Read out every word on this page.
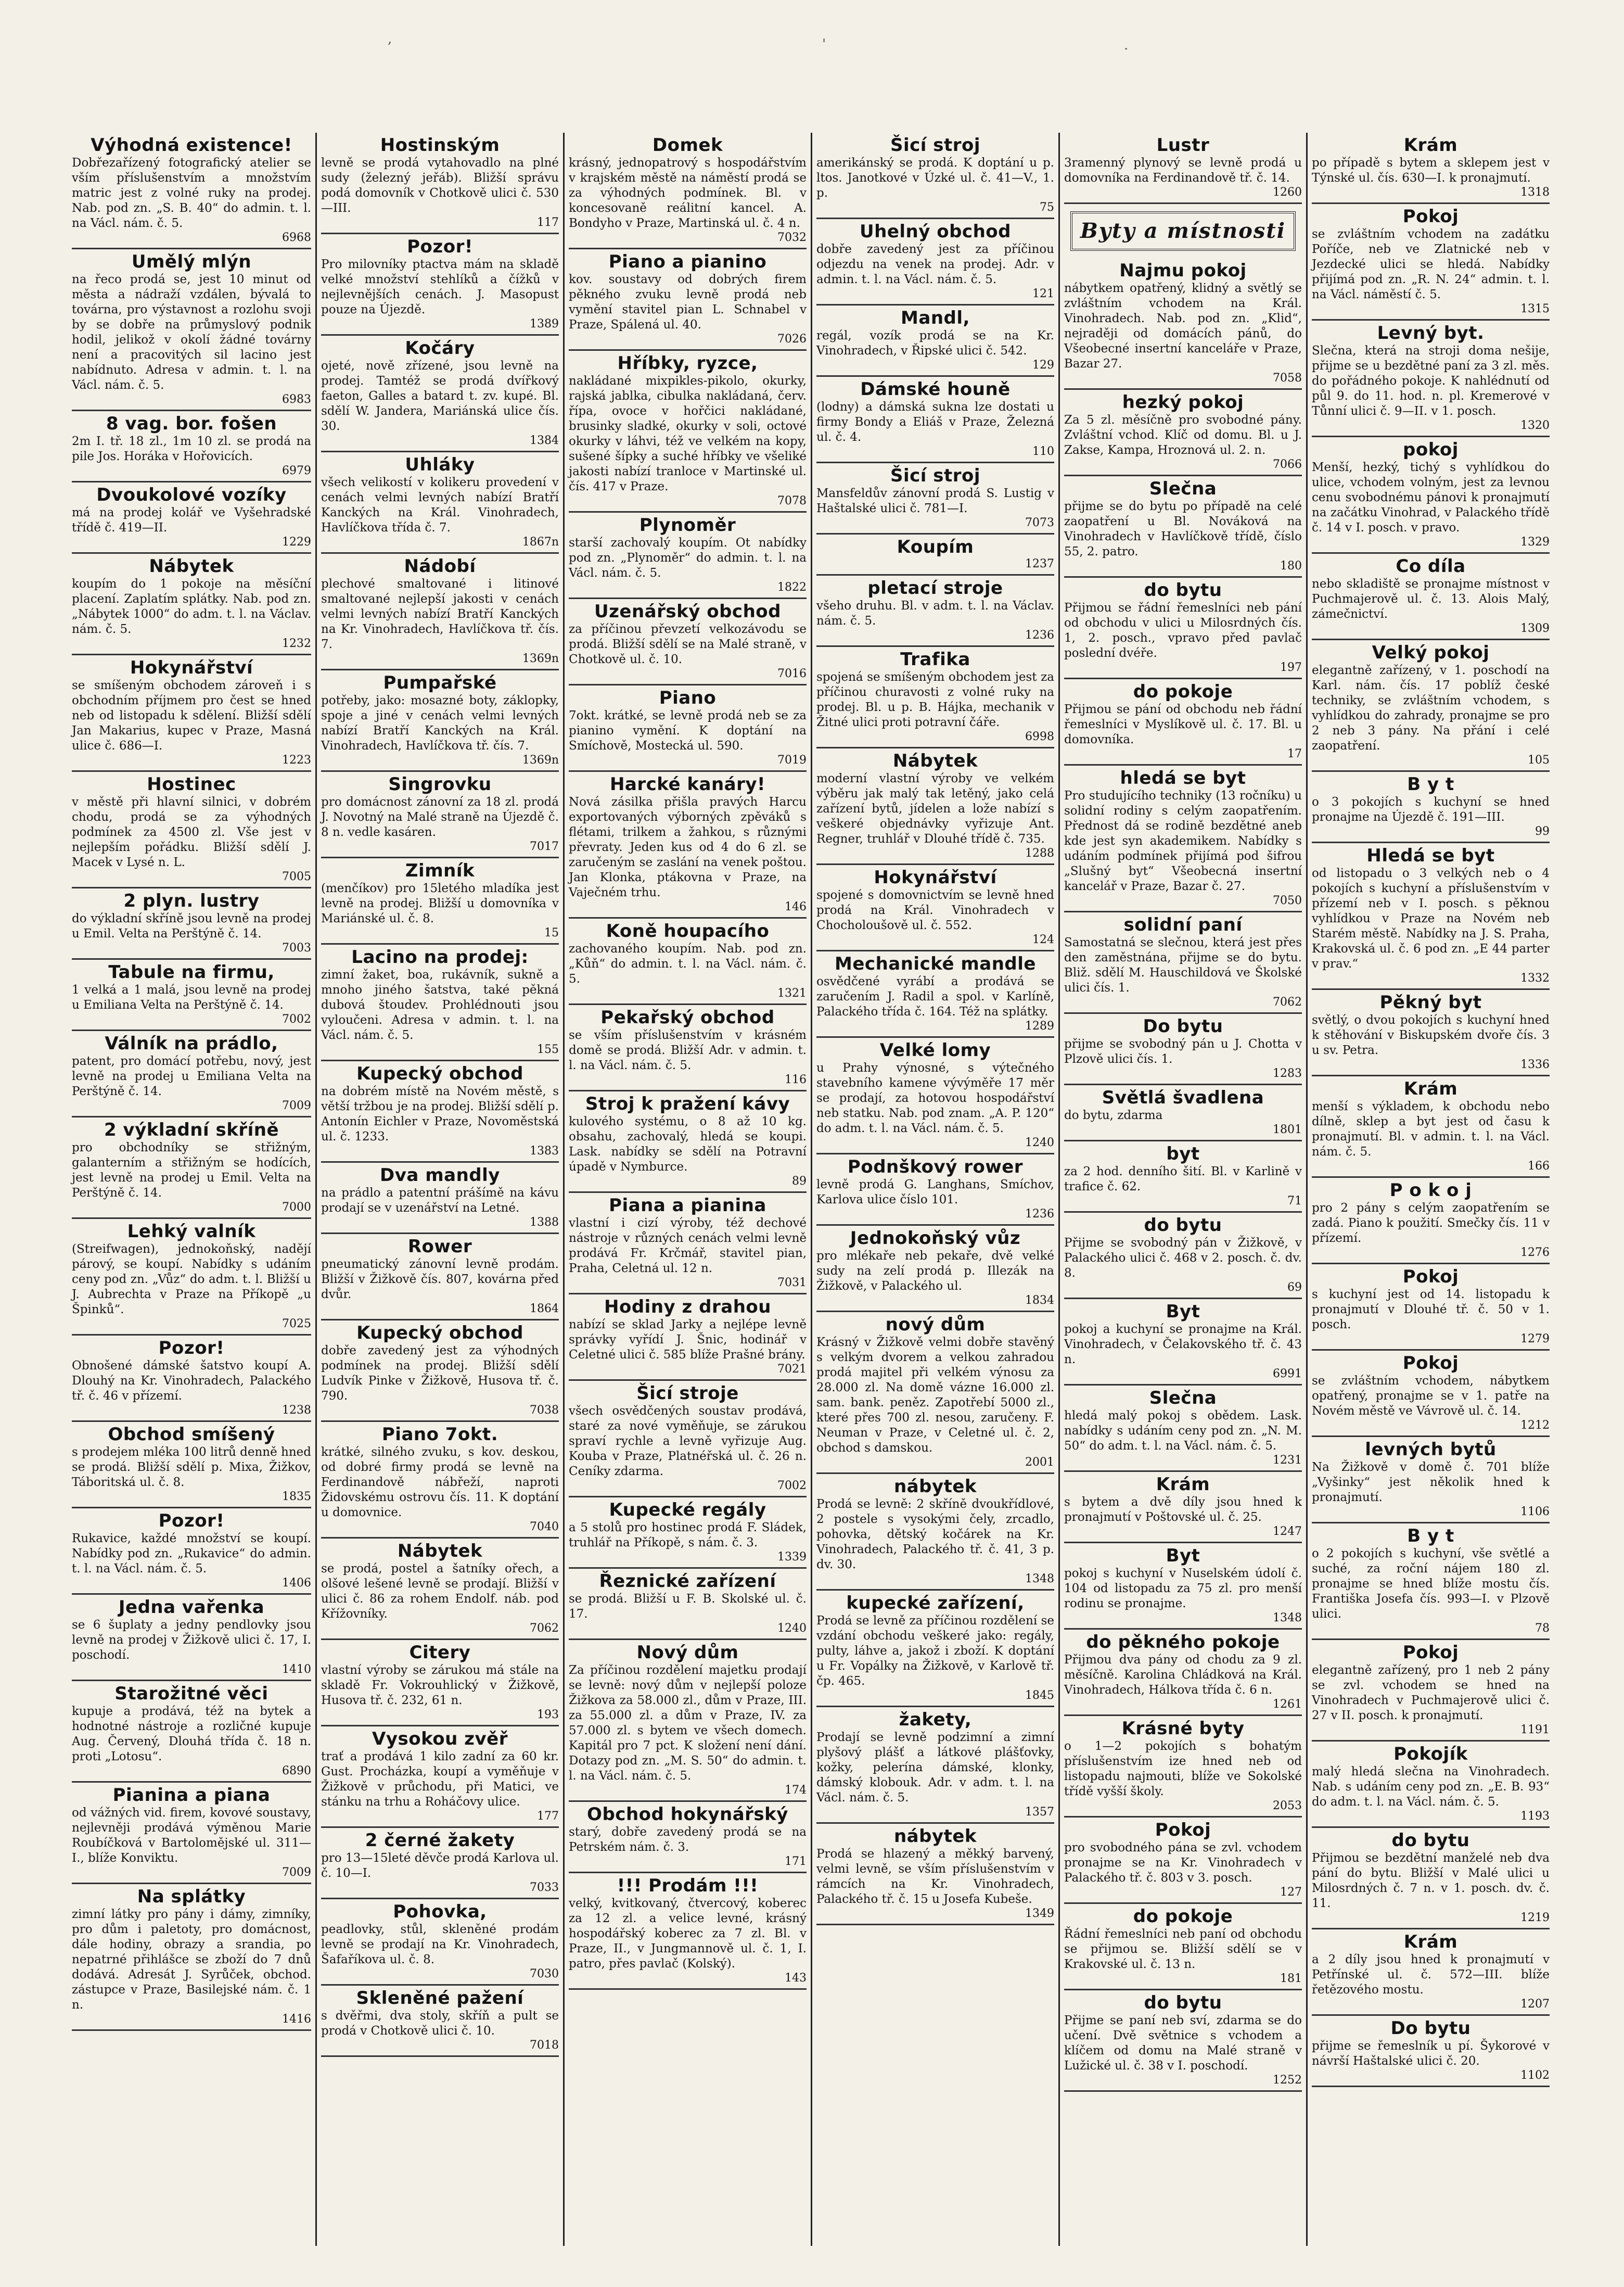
,	'	·
Výhodná existence!

Dobřezařízený fotografický atelier se vším příslušenstvím a množstvím matric jest z volné ruky na prodej. Nab. pod zn. „S. B. 40“ do admin. t. l. na Václ. nám. č. 5.

6968
Umělý mlýn

na řeco prodá se, jest 10 minut od města a nádraží vzdálen, bývalá to továrna, pro výstavnost a rozlohu svoji by se dobře na průmyslový podnik hodil, jelikož v okolí žádné továrny není a pracovitých sil lacino jest nabídnuto. Adresa v admin. t. l. na Václ. nám. č. 5.

6983
8 vag. bor. fošen

2m I. tř. 18 zl., 1m 10 zl. se prodá na pile Jos. Horáka v Hořovicích.

6979
Dvoukolové vozíky

má na prodej kolář ve Vyšehradské třídě č. 419—II.

1229
Nábytek

koupím do 1 pokoje na měsíční placení. Zaplatím splátky. Nab. pod zn. „Nábytek 1000“ do adm. t. l. na Václav. nám. č. 5.

1232
Hokynářství

se smíšeným obchodem zároveň i s obchodním příjmem pro čest se hned neb od listopadu k sdělení. Bližší sdělí Jan Makarius, kupec v Praze, Masná ulice č. 686—I.

1223
Hostinec

v městě při hlavní silnici, v dobrém chodu, prodá se za výhodných podmínek za 4500 zl. Vše jest v nejlepším pořádku. Bližší sdělí J. Macek v Lysé n. L.

7005
2 plyn. lustry

do výkladní skříně jsou levně na prodej u Emil. Velta na Perštýně č. 14.

7003
Tabule na firmu,

1 velká a 1 malá, jsou levně na prodej u Emiliana Velta na Perštýně č. 14.

7002
Válník na prádlo,

patent, pro domácí potřebu, nový, jest levně na prodej u Emiliana Velta na Perštýně č. 14.

7009
2 výkladní skříně

pro obchodníky se střižným, galanterním a střižným se hodících, jest levně na prodej u Emil. Velta na Perštýně č. 14.

7000
Lehký valník

(Streifwagen), jednokoňský, nadějí párový, se koupí. Nabídky s udáním ceny pod zn. „Vůz“ do adm. t. l. Bližší u J. Aubrechta v Praze na Příkopě „u Špinků“.

7025
Pozor!

Obnošené dámské šatstvo koupí A. Dlouhý na Kr. Vinohradech, Palackého tř. č. 46 v přízemí.

1238
Obchod smíšený

s prodejem mléka 100 litrů denně hned se prodá. Bližší sdělí p. Mixa, Žižkov, Táboritská ul. č. 8.

1835
Pozor!

Rukavice, každé množství se koupí. Nabídky pod zn. „Rukavice“ do admin. t. l. na Václ. nám. č. 5.

1406
Jedna vařenka

se 6 šuplaty a jedny pendlovky jsou levně na prodej v Žižkově ulici č. 17, I. poschodí.

1410
Starožitné věci

kupuje a prodává, též na bytek a hodnotné nástroje a rozličné kupuje Aug. Červený, Dlouhá třída č. 18 n. proti „Lotosu“.

6890
Pianina a piana

od vážných vid. firem, kovové soustavy, nejlevněji prodává výměnou Marie Roubíčková v Bartolomějské ul. 311—I., blíže Konviktu.

7009
Na splátky

zimní látky pro pány i dámy, zimníky, pro dům i paletoty, pro domácnost, dále hodiny, obrazy a srandia, po nepatrné přihlášce se zboží do 7 dnů dodává. Adresát J. Syrůček, obchod. zástupce v Praze, Basilejské nám. č. 1 n.

1416
Hostinským

levně se prodá vytahovadlo na plné sudy (železný jeřáb). Bližší správu podá domovník v Chotkově ulici č. 530—III.

117
Pozor!

Pro milovníky ptactva mám na skladě velké množství stehlíků a čížků v nejlevnějších cenách. J. Masopust pouze na Újezdě.

1389
Kočáry

ojeté, nově zřízené, jsou levně na prodej. Tamtéž se prodá dvířkový faeton, Galles a batard t. zv. kupé. Bl. sdělí W. Jandera, Mariánská ulice čís. 30.

1384
Uhláky

všech velikostí v kolikeru provedení v cenách velmi levných nabízí Bratří Kanckých na Král. Vinohradech, Havlíčkova třída č. 7.

1867n
Nádobí

plechové smaltované i litinové smaltované nejlepší jakosti v cenách velmi levných nabízí Bratří Kanckých na Kr. Vinohradech, Havlíčkova tř. čís. 7.

1369n
Pumpařské

potřeby, jako: mosazné boty, záklopky, spoje a jiné v cenách velmi levných nabízí Bratří Kanckých na Král. Vinohradech, Havlíčkova tř. čís. 7.

1369n
Singrovku

pro domácnost zánovní za 18 zl. prodá J. Novotný na Malé straně na Újezdě č. 8 n. vedle kasáren.

7017
Zimník

(menčíkov) pro 15letého mladíka jest levně na prodej. Bližší u domovníka v Mariánské ul. č. 8.

15
Lacino na prodej:

zimní žaket, boa, rukávník, sukně a mnoho jiného šatstva, také pěkná dubová štoudev. Prohlédnouti jsou vyloučeni. Adresa v admin. t. l. na Václ. nám. č. 5.

155
Kupecký obchod

na dobrém místě na Novém městě, s větší tržbou je na prodej. Bližší sdělí p. Antonín Eichler v Praze, Novoměstská ul. č. 1233.

1383
Dva mandly

na prádlo a patentní prášímě na kávu prodají se v uzenářství na Letné.

1388
Rower

pneumatický zánovní levně prodám. Bližší v Žižkově čís. 807, kovárna před dvůr.

1864
Kupecký obchod

dobře zavedený jest za výhodných podmínek na prodej. Bližší sdělí Ludvík Pinke v Žižkově, Husova tř. č. 790.

7038
Piano 7okt.

krátké, silného zvuku, s kov. deskou, od dobré firmy prodá se levně na Ferdinandově nábřeží, naproti Židovskému ostrovu čís. 11. K doptání u domovnice.

7040
Nábytek

se prodá, postel a šatníky ořech, a olšové lešené levně se prodají. Bližší v ulici č. 86 za rohem Endolf. náb. pod Křížovníky.

7062
Citery

vlastní výroby se zárukou má stále na skladě Fr. Vokrouhlický v Žižkově, Husova tř. č. 232, 61 n.

193
Vysokou zvěř

trať a prodává 1 kilo zadní za 60 kr. Gust. Procházka, koupí a vyměňuje v Žižkově v průchodu, při Matici, ve stánku na trhu a Roháčovy ulice.

177
2 černé žakety

pro 13—15leté děvče prodá Karlova ul. č. 10—I.

7033
Pohovka,

peadlovky, stůl, skleněné prodám levně se prodají na Kr. Vinohradech, Šafaříkova ul. č. 8.

7030
Skleněné pažení

s dvěřmi, dva stoly, skříň a pult se prodá v Chotkově ulici č. 10.

7018
Domek

krásný, jednopatrový s hospodářstvím v krajském městě na náměstí prodá se za výhodných podmínek. Bl. v koncesovaně reálitní kancel. A. Bondyho v Praze, Martinská ul. č. 4 n.

7032
Piano a pianino

kov. soustavy od dobrých firem pěkného zvuku levně prodá neb vymění stavitel pian L. Schnabel v Praze, Spálená ul. 40.

7026
Hříbky, ryzce,

nakládané mixpikles-pikolo, okurky, rajská jablka, cibulka nakládaná, červ. řípa, ovoce v hořčici nakládané, brusinky sladké, okurky v soli, octové okurky v láhvi, též ve velkém na kopy, sušené šípky a suché hříbky ve všeliké jakosti nabízí tranloce v Martinské ul. čís. 417 v Praze.

7078
Plynoměr

starší zachovalý koupím. Ot nabídky pod zn. „Plynoměr“ do admin. t. l. na Václ. nám. č. 5.

1822
Uzenářský obchod

za příčinou převzetí velkozávodu se prodá. Bližší sdělí se na Malé straně, v Chotkově ul. č. 10.

7016
Piano

7okt. krátké, se levně prodá neb se za pianino vymění. K doptání na Smíchově, Mostecká ul. 590.

7019
Harcké kanáry!

Nová zásilka přišla pravých Harcu exportovaných výborných zpěváků s flétami, trilkem a žahkou, s různými převraty. Jeden kus od 4 do 6 zl. se zaručeným se zaslání na venek poštou. Jan Klonka, ptákovna v Praze, na Vaječném trhu.

146
Koně houpacího

zachovaného koupím. Nab. pod zn. „Kůň“ do admin. t. l. na Václ. nám. č. 5.

1321
Pekařský obchod

se vším příslušenstvím v krásném domě se prodá. Bližší Adr. v admin. t. l. na Václ. nám. č. 5.

116
Stroj k pražení kávy

kulového systému, o 8 až 10 kg. obsahu, zachovalý, hledá se koupi. Lask. nabídky se sdělí na Potravní úpadě v Nymburce.

89
Piana a pianina

vlastní i cizí výroby, též dechové nástroje v různých cenách velmi levně prodává Fr. Krčmář, stavitel pian, Praha, Celetná ul. 12 n.

7031
Hodiny z drahou

nabízí se sklad Jarky a nejlépe levně správky vyřídí J. Šnic, hodinář v Celetné ulici č. 585 blíže Prašné brány.

7021
Šicí stroje

všech osvědčených soustav prodává, staré za nové vyměňuje, se zárukou spraví rychle a levně vyřizuje Aug. Kouba v Praze, Platnéřská ul. č. 26 n. Ceníky zdarma.

7002
Kupecké regály

a 5 stolů pro hostinec prodá F. Sládek, truhlář na Příkopě, s nám. č. 3.

1339
Řeznické zařízení

se prodá. Bližší u F. B. Skolské ul. č. 17.

1240
Nový dům

Za příčinou rozdělení majetku prodají se levně: nový dům v nejlepší poloze Žižkova za 58.000 zl., dům v Praze, III. za 55.000 zl. a dům v Praze, IV. za 57.000 zl. s bytem ve všech domech. Kapitál pro 7 pct. K složení není dání. Dotazy pod zn. „M. S. 50“ do admin. t. l. na Václ. nám. č. 5.

174
Obchod hokynářský

starý, dobře zavedený prodá se na Petrském nám. č. 3.

171
!!! Prodám !!!

velký, kvitkovaný, čtvercový, koberec za 12 zl. a velice levné, krásný hospodářský koberec za 7 zl. Bl. v Praze, II., v Jungmannově ul. č. 1, I. patro, přes pavlač (Kolský).

143
Šicí stroj

amerikánský se prodá. K doptání u p. ltos. Janotkové v Úzké ul. č. 41—V., 1. p.

75
Uhelný obchod

dobře zavedený jest za příčinou odjezdu na venek na prodej. Adr. v admin. t. l. na Václ. nám. č. 5.

121
Mandl,

regál, vozík prodá se na Kr. Vinohradech, v Řipské ulici č. 542.

129
Dámské houně

(lodny) a dámská sukna lze dostati u firmy Bondy a Eliáš v Praze, Železná ul. č. 4.

110
Šicí stroj

Mansfeldův zánovní prodá S. Lustig v Haštalské ulici č. 781—I.

7073
Koupím
1237
pletací stroje

všeho druhu. Bl. v adm. t. l. na Václav. nám. č. 5.

1236
Trafika

spojená se smíšeným obchodem jest za příčinou churavosti z volné ruky na prodej. Bl. u p. B. Hájka, mechanik v Žitné ulici proti potravní čáře.

6998
Nábytek

moderní vlastní výroby ve velkém výběru jak malý tak letěný, jako celá zařízení bytů, jídelen a lože nabízí s veškeré objednávky vyřizuje Ant. Regner, truhlář v Dlouhé třídě č. 735.

1288
Hokynářství

spojené s domovnictvím se levně hned prodá na Král. Vinohradech v Chocholoušově ul. č. 552.

124
Mechanické mandle

osvědčené vyrábí a prodává se zaručením J. Radil a spol. v Karlíně, Palackého třída č. 164. Též na splátky.

1289
Velké lomy

u Prahy výnosné, s výtečného stavebního kamene vývýměře 17 měr se prodají, za hotovou hospodářství neb statku. Nab. pod znam. „A. P. 120“ do adm. t. l. na Václ. nám. č. 5.

1240
Podnškový rower

levně prodá G. Langhans, Smíchov, Karlova ulice číslo 101.

1236
Jednokoňský vůz

pro mlékaře neb pekaře, dvě velké sudy na zelí prodá p. Illezák na Žižkově, v Palackého ul.

1834
nový dům

Krásný v Žižkově velmi dobře stavěný s velkým dvorem a velkou zahradou prodá majitel při velkém výnosu za 28.000 zl. Na domě vázne 16.000 zl. sam. bank. peněz. Zapotřebí 5000 zl., které přes 700 zl. nesou, zaručeny. F. Neuman v Praze, v Celetné ul. č. 2, obchod s damskou.

2001
nábytek

Prodá se levně: 2 skříně dvoukřídlové, 2 postele s vysokými čely, zrcadlo, pohovka, dětský kočárek na Kr. Vinohradech, Palackého tř. č. 41, 3 p. dv. 30.

1348
kupecké zařízení,

Prodá se levně za příčinou rozdělení se vzdání obchodu veškeré jako: regály, pulty, láhve a, jakož i zboží. K doptání u Fr. Vopálky na Žižkově, v Karlově tř. čp. 465.

1845
žakety,

Prodají se levně podzimní a zimní plyšový plášť a látkové plášťovky, kožky, pelerína dámské, klonky, dámský klobouk. Adr. v adm. t. l. na Václ. nám. č. 5.

1357
nábytek

Prodá se hlazený a měkký barvený, velmi levně, se vším příslušenstvím v rámcích na Kr. Vinohradech, Palackého tř. č. 15 u Josefa Kubeše.

1349
Lustr

3ramenný plynový se levně prodá u domovníka na Ferdinandově tř. č. 14.

1260
Byty a místnosti
Najmu pokoj

nábytkem opatřený, klidný a světlý se zvláštním vchodem na Král. Vinohradech. Nab. pod zn. „Klid“, nejraději od domácích pánů, do Všeobecné insertní kanceláře v Praze, Bazar 27.

7058
hezký pokoj

Za 5 zl. měsíčně pro svobodné pány. Zvláštní vchod. Klíč od domu. Bl. u J. Zakse, Kampa, Hroznová ul. 2. n.

7066
Slečna

přijme se do bytu po případě na celé zaopatření u Bl. Nováková na Vinohradech v Havlíčkově třídě, číslo 55, 2. patro.

180
do bytu

Přijmou se řádní řemeslníci neb pání od obchodu v ulici u Milosrdných čís. 1, 2. posch., vpravo před pavlač poslední dvéře.

197
do pokoje

Přijmou se pání od obchodu neb řádní řemeslníci v Myslíkově ul. č. 17. Bl. u domovníka.

17
hledá se byt

Pro studujícího techniky (13 ročníku) u solidní rodiny s celým zaopatřením. Přednost dá se rodině bezdětné aneb kde jest syn akademikem. Nabídky s udáním podmínek přijímá pod šifrou „Slušný byt“ Všeobecná insertní kancelář v Praze, Bazar č. 27.

7050
solidní paní

Samostatná se slečnou, která jest přes den zaměstnána, přijme se do bytu. Bliž. sdělí M. Hauschildová ve Školské ulici čís. 1.

7062
Do bytu

přijme se svobodný pán u J. Chotta v Plzově ulici čís. 1.

1283
Světlá švadlena

do bytu, zdarma

1801
byt

za 2 hod. denního šití. Bl. v Karlině v trafice č. 62.

71
do bytu

Přijme se svobodný pán v Žižkově, v Palackého ulici č. 468 v 2. posch. č. dv. 8.

69
Byt

pokoj a kuchyní se pronajme na Král. Vinohradech, v Čelakovského tř. č. 43 n.

6991
Slečna

hledá malý pokoj s obědem. Lask. nabídky s udáním ceny pod zn. „N. M. 50“ do adm. t. l. na Václ. nám. č. 5.

1231
Krám

s bytem a dvě díly jsou hned k pronajmutí v Poštovské ul. č. 25.

1247
Byt

pokoj s kuchyní v Nuselském údolí č. 104 od listopadu za 75 zl. pro menší rodinu se pronajme.

1348
do pěkného pokoje

Přijmou dva pány od chodu za 9 zl. měsíčně. Karolina Chládková na Král. Vinohradech, Hálkova třída č. 6 n.

1261
Krásné byty

o 1—2 pokojích s bohatým příslušenstvím ize hned neb od listopadu najmouti, blíže ve Sokolské třídě vyšší školy.

2053
Pokoj

pro svobodného pána se zvl. vchodem pronajme se na Kr. Vinohradech v Palackého tř. č. 803 v 3. posch.

127
do pokoje

Řádní řemeslníci neb paní od obchodu se přijmou se. Bližší sdělí se v Krakovské ul. č. 13 n.

181
do bytu

Přijme se paní neb sví, zdarma se do učení. Dvě světnice s vchodem a klíčem od domu na Malé straně v Lužické ul. č. 38 v I. poschodí.

1252
Krám

po případě s bytem a sklepem jest v Týnské ul. čís. 630—I. k pronajmutí.

1318
Pokoj

se zvláštním vchodem na zadátku Poříče, neb ve Zlatnické neb v Jezdecké ulici se hledá. Nabídky přijímá pod zn. „R. N. 24“ admin. t. l. na Václ. náměstí č. 5.

1315
Levný byt.

Slečna, která na stroji doma nešije, přijme se u bezdětné paní za 3 zl. měs. do pořádného pokoje. K nahlédnutí od půl 9. do 11. hod. n. pl. Kremerové v Tůnní ulici č. 9—II. v 1. posch.

1320
pokoj

Menší, hezký, tichý s vyhlídkou do ulice, vchodem volným, jest za levnou cenu svobodnému pánovi k pronajmutí na začátku Vinohrad, v Palackého třídě č. 14 v I. posch. v pravo.

1329
Co díla

nebo skladiště se pronajme místnost v Puchmajerově ul. č. 13. Alois Malý, zámečnictví.

1309
Velký pokoj

elegantně zařízený, v 1. poschodí na Karl. nám. čís. 17 poblíž české techniky, se zvláštním vchodem, s vyhlídkou do zahrady, pronajme se pro 2 neb 3 pány. Na přání i celé zaopatření.

105
B y t

o 3 pokojích s kuchyní se hned pronajme na Újezdě č. 191—III.

99
Hledá se byt

od listopadu o 3 velkých neb o 4 pokojích s kuchyní a příslušenstvím v přízemí neb v I. posch. s pěknou vyhlídkou v Praze na Novém neb Starém městě. Nabídky na J. S. Praha, Krakovská ul. č. 6 pod zn. „E 44 parter v prav.“

1332
Pěkný byt

světlý, o dvou pokojích s kuchyní hned k stěhování v Biskupském dvoře čís. 3 u sv. Petra.

1336
Krám

menší s výkladem, k obchodu nebo dílně, sklep a byt jest od času k pronajmutí. Bl. v admin. t. l. na Václ. nám. č. 5.

166
P o k o j

pro 2 pány s celým zaopatřením se zadá. Piano k použití. Smečky čís. 11 v přízemí.

1276
Pokoj

s kuchyní jest od 14. listopadu k pronajmutí v Dlouhé tř. č. 50 v 1. posch.

1279
Pokoj

se zvláštním vchodem, nábytkem opatřený, pronajme se v 1. patře na Novém městě ve Vávrově ul. č. 14.

1212
levných bytů

Na Žižkově v domě č. 701 blíže „Vyšinky“ jest několik hned k pronajmutí.

1106
B y t

o 2 pokojích s kuchyní, vše světlé a suché, za roční nájem 180 zl. pronajme se hned blíže mostu čís. Františka Josefa čís. 993—I. v Plzově ulici.

78
Pokoj

elegantně zařízený, pro 1 neb 2 pány se zvl. vchodem se hned na Vinohradech v Puchmajerově ulici č. 27 v II. posch. k pronajmutí.

1191
Pokojík

malý hledá slečna na Vinohradech. Nab. s udáním ceny pod zn. „E. B. 93“ do adm. t. l. na Václ. nám. č. 5.

1193
do bytu

Přijmou se bezdětní manželé neb dva pání do bytu. Bližší v Malé ulici u Milosrdných č. 7 n. v 1. posch. dv. č. 11.

1219
Krám

a 2 díly jsou hned k pronajmutí v Petřínské ul. č. 572—III. blíže řetězového mostu.

1207
Do bytu

přijme se řemeslník u pí. Šykorové v návrší Haštalské ulici č. 20.

1102
